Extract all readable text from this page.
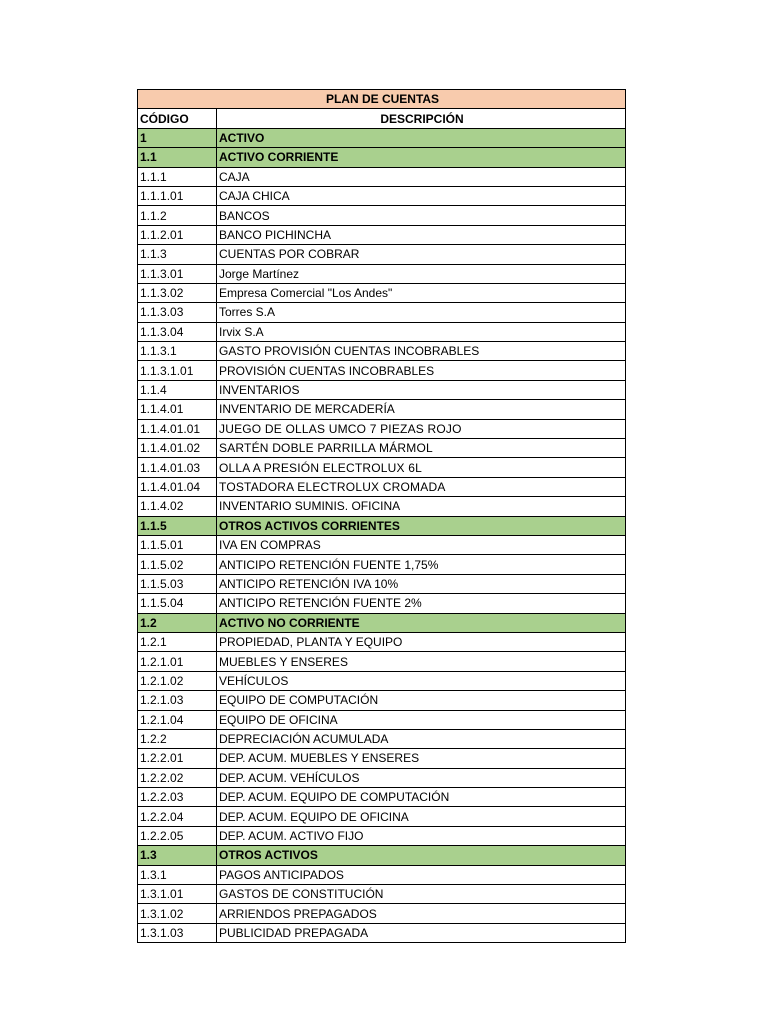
PLAN DE CUENTAS	
CÓDIGO	DESCRIPCIÓN
1	ACTIVO
1.1	ACTIVO CORRIENTE
1.1.1	CAJA
1.1.1.01	CAJA CHICA
1.1.2	BANCOS
1.1.2.01	BANCO PICHINCHA
1.1.3	CUENTAS POR COBRAR
1.1.3.01	Jorge Martínez
1.1.3.02	Empresa Comercial "Los Andes"
1.1.3.03	Torres S.A
1.1.3.04	Irvix S.A
1.1.3.1	GASTO PROVISIÓN CUENTAS INCOBRABLES
1.1.3.1.01	PROVISIÓN CUENTAS INCOBRABLES
1.1.4	INVENTARIOS
1.1.4.01	INVENTARIO DE MERCADERÍA
1.1.4.01.01	JUEGO DE OLLAS UMCO 7 PIEZAS ROJO
1.1.4.01.02	SARTÉN DOBLE PARRILLA MÁRMOL
1.1.4.01.03	OLLA A PRESIÓN ELECTROLUX 6L
1.1.4.01.04	TOSTADORA ELECTROLUX CROMADA
1.1.4.02	INVENTARIO SUMINIS. OFICINA
1.1.5	OTROS ACTIVOS CORRIENTES
1.1.5.01	IVA EN COMPRAS
1.1.5.02	ANTICIPO RETENCIÓN FUENTE 1,75%
1.1.5.03	ANTICIPO RETENCIÓN IVA 10%
1.1.5.04	ANTICIPO RETENCIÓN FUENTE 2%
1.2	ACTIVO NO CORRIENTE
1.2.1	PROPIEDAD, PLANTA Y EQUIPO
1.2.1.01	MUEBLES Y ENSERES
1.2.1.02	VEHÍCULOS
1.2.1.03	EQUIPO DE COMPUTACIÓN
1.2.1.04	EQUIPO DE OFICINA
1.2.2	DEPRECIACIÓN ACUMULADA
1.2.2.01	DEP. ACUM. MUEBLES Y ENSERES
1.2.2.02	DEP. ACUM. VEHÍCULOS
1.2.2.03	DEP. ACUM. EQUIPO DE COMPUTACIÓN
1.2.2.04	DEP. ACUM. EQUIPO DE OFICINA
1.2.2.05	DEP. ACUM. ACTIVO FIJO
1.3	OTROS ACTIVOS
1.3.1	PAGOS ANTICIPADOS
1.3.1.01	GASTOS DE CONSTITUCIÓN
1.3.1.02	ARRIENDOS PREPAGADOS
1.3.1.03	PUBLICIDAD PREPAGADA
